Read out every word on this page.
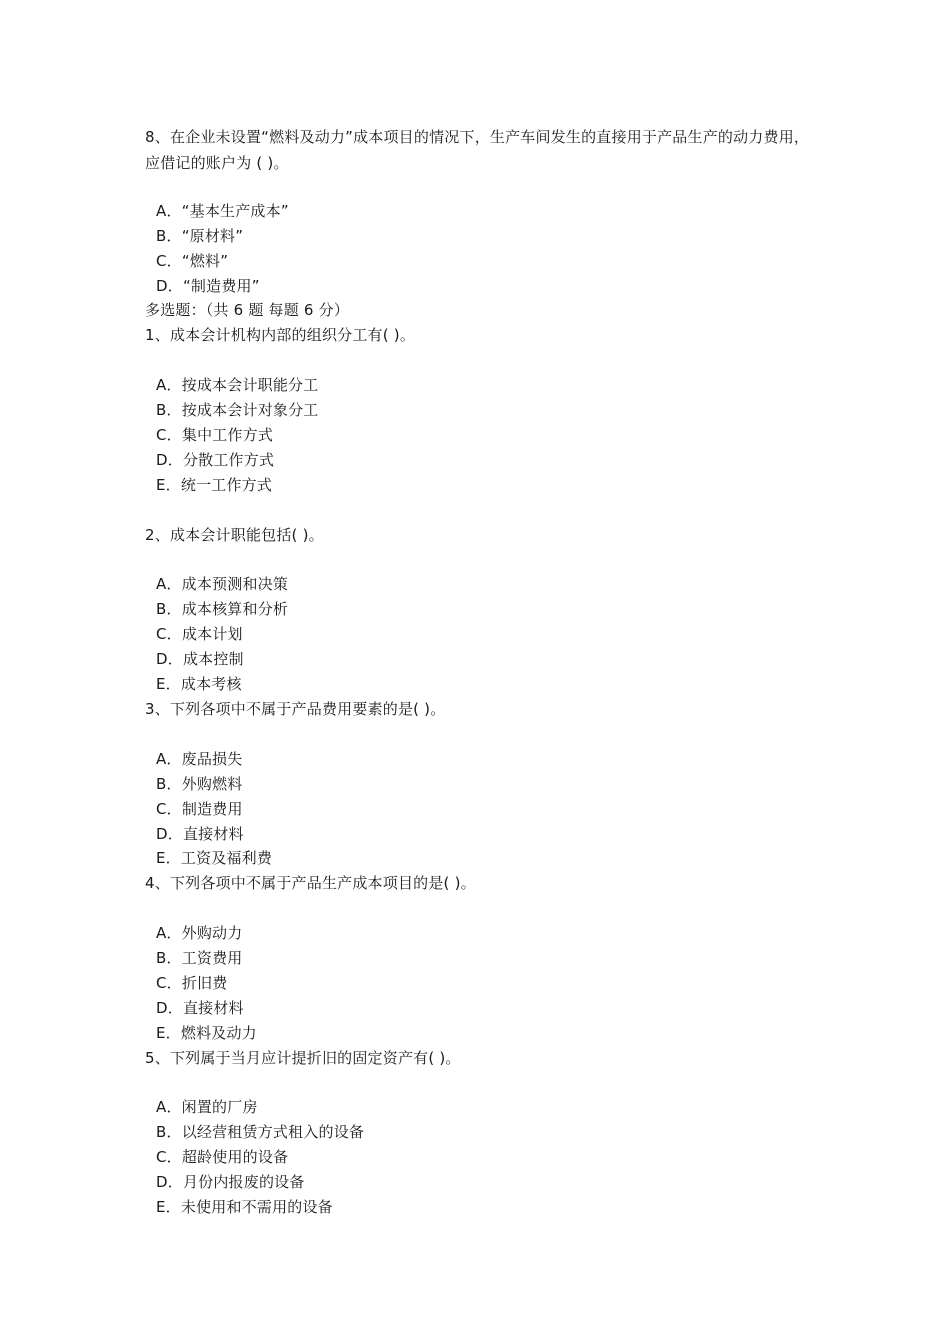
8、在企业未设置“燃料及动力”成本项目的情况下，生产车间发生的直接用于产品生产的动力费用，应借记的账户为 ( )。
A．“基本生产成本”
B．“原材料”
C．“燃料”
D．“制造费用”
多选题：（共 6 题 每题 6 分）
1、成本会计机构内部的组织分工有( )。
A．按成本会计职能分工
B．按成本会计对象分工
C．集中工作方式
D．分散工作方式
E．统一工作方式
2、成本会计职能包括( )。
A．成本预测和决策
B．成本核算和分析
C．成本计划
D．成本控制
E．成本考核
3、下列各项中不属于产品费用要素的是( )。
A．废品损失
B．外购燃料
C．制造费用
D．直接材料
E．工资及福利费
4、下列各项中不属于产品生产成本项目的是( )。
A．外购动力
B．工资费用
C．折旧费
D．直接材料
E．燃料及动力
5、下列属于当月应计提折旧的固定资产有( )。
A．闲置的厂房
B．以经营租赁方式租入的设备
C．超龄使用的设备
D．月份内报废的设备
E．未使用和不需用的设备
